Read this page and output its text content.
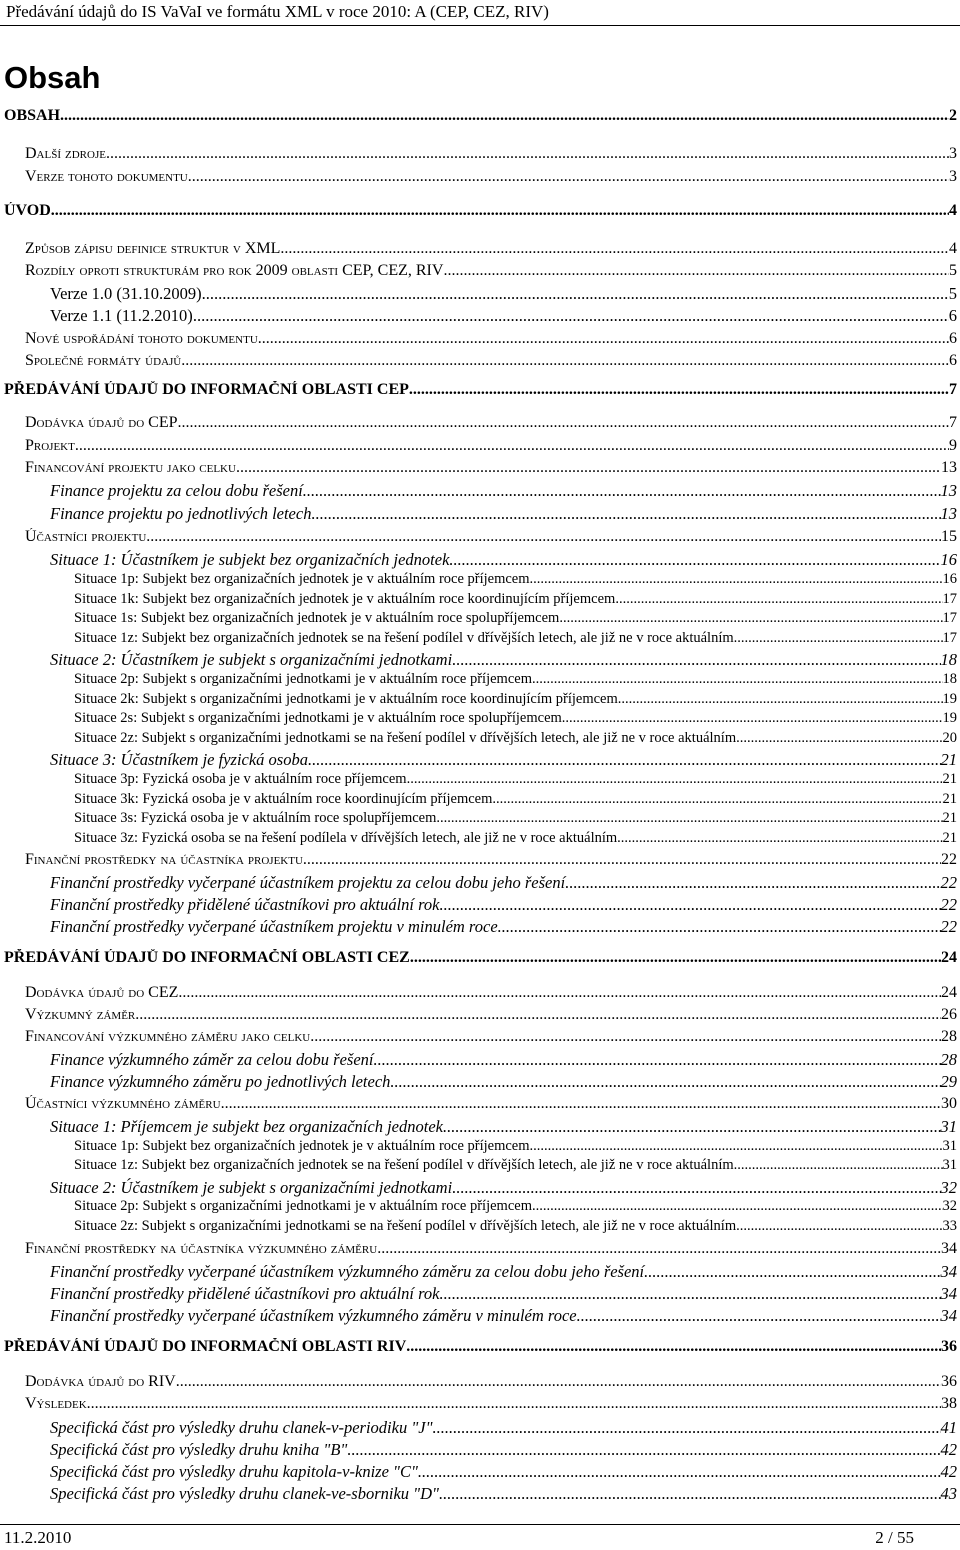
Předávání údajů do IS VaVaI ve formátu XML v roce 2010: A (CEP, CEZ, RIV)
Obsah
OBSAH .....	2
Další zdroje .....	3
Verze tohoto dokumentu .....	3
ÚVOD .....	4
Způsob zápisu definice struktur v XML .....	4
Rozdíly oproti strukturám pro rok 2009 oblasti CEP, CEZ, RIV .....	5
Verze 1.0 (31.10.2009) .....	5
Verze 1.1 (11.2.2010) .....	6
Nové uspořádání tohoto dokumentu .....	6
Společné formáty údajů .....	6
PŘEDÁVÁNÍ ÚDAJŮ DO INFORMAČNÍ OBLASTI CEP .....	7
Dodávka údajů do CEP .....	7
Projekt .....	9
Financování projektu jako celku .....	13
Finance projektu za celou dobu řešení .....	13
Finance projektu po jednotlivých letech .....	13
Účastníci projektu .....	15
Situace 1: Účastníkem je subjekt bez organizačních jednotek .....	16
Situace 1p: Subjekt bez organizačních jednotek je v aktuálním roce příjemcem .....	16
Situace 1k: Subjekt bez organizačních jednotek je v aktuálním roce koordinujícím příjemcem .....	17
Situace 1s: Subjekt bez organizačních jednotek je v aktuálním roce spolupříjemcem .....	17
Situace 1z: Subjekt bez organizačních jednotek se na řešení podílel v dřívějších letech, ale již ne v roce aktuálním .....	17
Situace 2: Účastníkem je subjekt s organizačními jednotkami .....	18
Situace 2p: Subjekt s organizačními jednotkami je v aktuálním roce příjemcem .....	18
Situace 2k: Subjekt s organizačními jednotkami je v aktuálním roce koordinujícím příjemcem .....	19
Situace 2s: Subjekt s organizačními jednotkami je v aktuálním roce spolupříjemcem .....	19
Situace 2z: Subjekt s organizačními jednotkami se na řešení podílel v dřívějších letech, ale již ne v roce aktuálním .....	20
Situace 3: Účastníkem je fyzická osoba .....	21
Situace 3p: Fyzická osoba je v aktuálním roce příjemcem .....	21
Situace 3k: Fyzická osoba je v aktuálním roce koordinujícím příjemcem .....	21
Situace 3s: Fyzická osoba je v aktuálním roce spolupříjemcem .....	21
Situace 3z: Fyzická osoba se na řešení podílela v dřívějších letech, ale již ne v roce aktuálním .....	21
Finanční prostředky na účastníka projektu .....	22
Finanční prostředky vyčerpané účastníkem projektu za celou dobu jeho řešení .....	22
Finanční prostředky přidělené účastníkovi pro aktuální rok .....	22
Finanční prostředky vyčerpané účastníkem projektu v minulém roce .....	22
PŘEDÁVÁNÍ ÚDAJŮ DO INFORMAČNÍ OBLASTI CEZ .....	24
Dodávka údajů do CEZ .....	24
Výzkumný záměr .....	26
Financování výzkumného záměru jako celku .....	28
Finance výzkumného záměr za celou dobu řešení .....	28
Finance výzkumného záměru po jednotlivých letech .....	29
Účastníci výzkumného záměru .....	30
Situace 1: Příjemcem je subjekt bez organizačních jednotek .....	31
Situace 1p: Subjekt bez organizačních jednotek je v aktuálním roce příjemcem .....	31
Situace 1z: Subjekt bez organizačních jednotek se na řešení podílel v dřívějších letech, ale již ne v roce aktuálním .....	31
Situace 2: Účastníkem je subjekt s organizačními jednotkami .....	32
Situace 2p: Subjekt s organizačními jednotkami je v aktuálním roce příjemcem .....	32
Situace 2z: Subjekt s organizačními jednotkami se na řešení podílel v dřívějších letech, ale již ne v roce aktuálním .....	33
Finanční prostředky na účastníka výzkumného záměru .....	34
Finanční prostředky vyčerpané účastníkem výzkumného záměru za celou dobu jeho řešení .....	34
Finanční prostředky přidělené účastníkovi pro aktuální rok .....	34
Finanční prostředky vyčerpané účastníkem výzkumného záměru v minulém roce .....	34
PŘEDÁVÁNÍ ÚDAJŮ DO INFORMAČNÍ OBLASTI RIV .....	36
Dodávka údajů do RIV .....	36
Výsledek .....	38
Specifická část pro výsledky druhu clanek-v-periodiku "J" .....	41
Specifická část pro výsledky druhu kniha "B" .....	42
Specifická část pro výsledky druhu kapitola-v-knize "C" .....	42
Specifická část pro výsledky druhu clanek-ve-sborniku "D" .....	43
11.2.2010	2 / 55
